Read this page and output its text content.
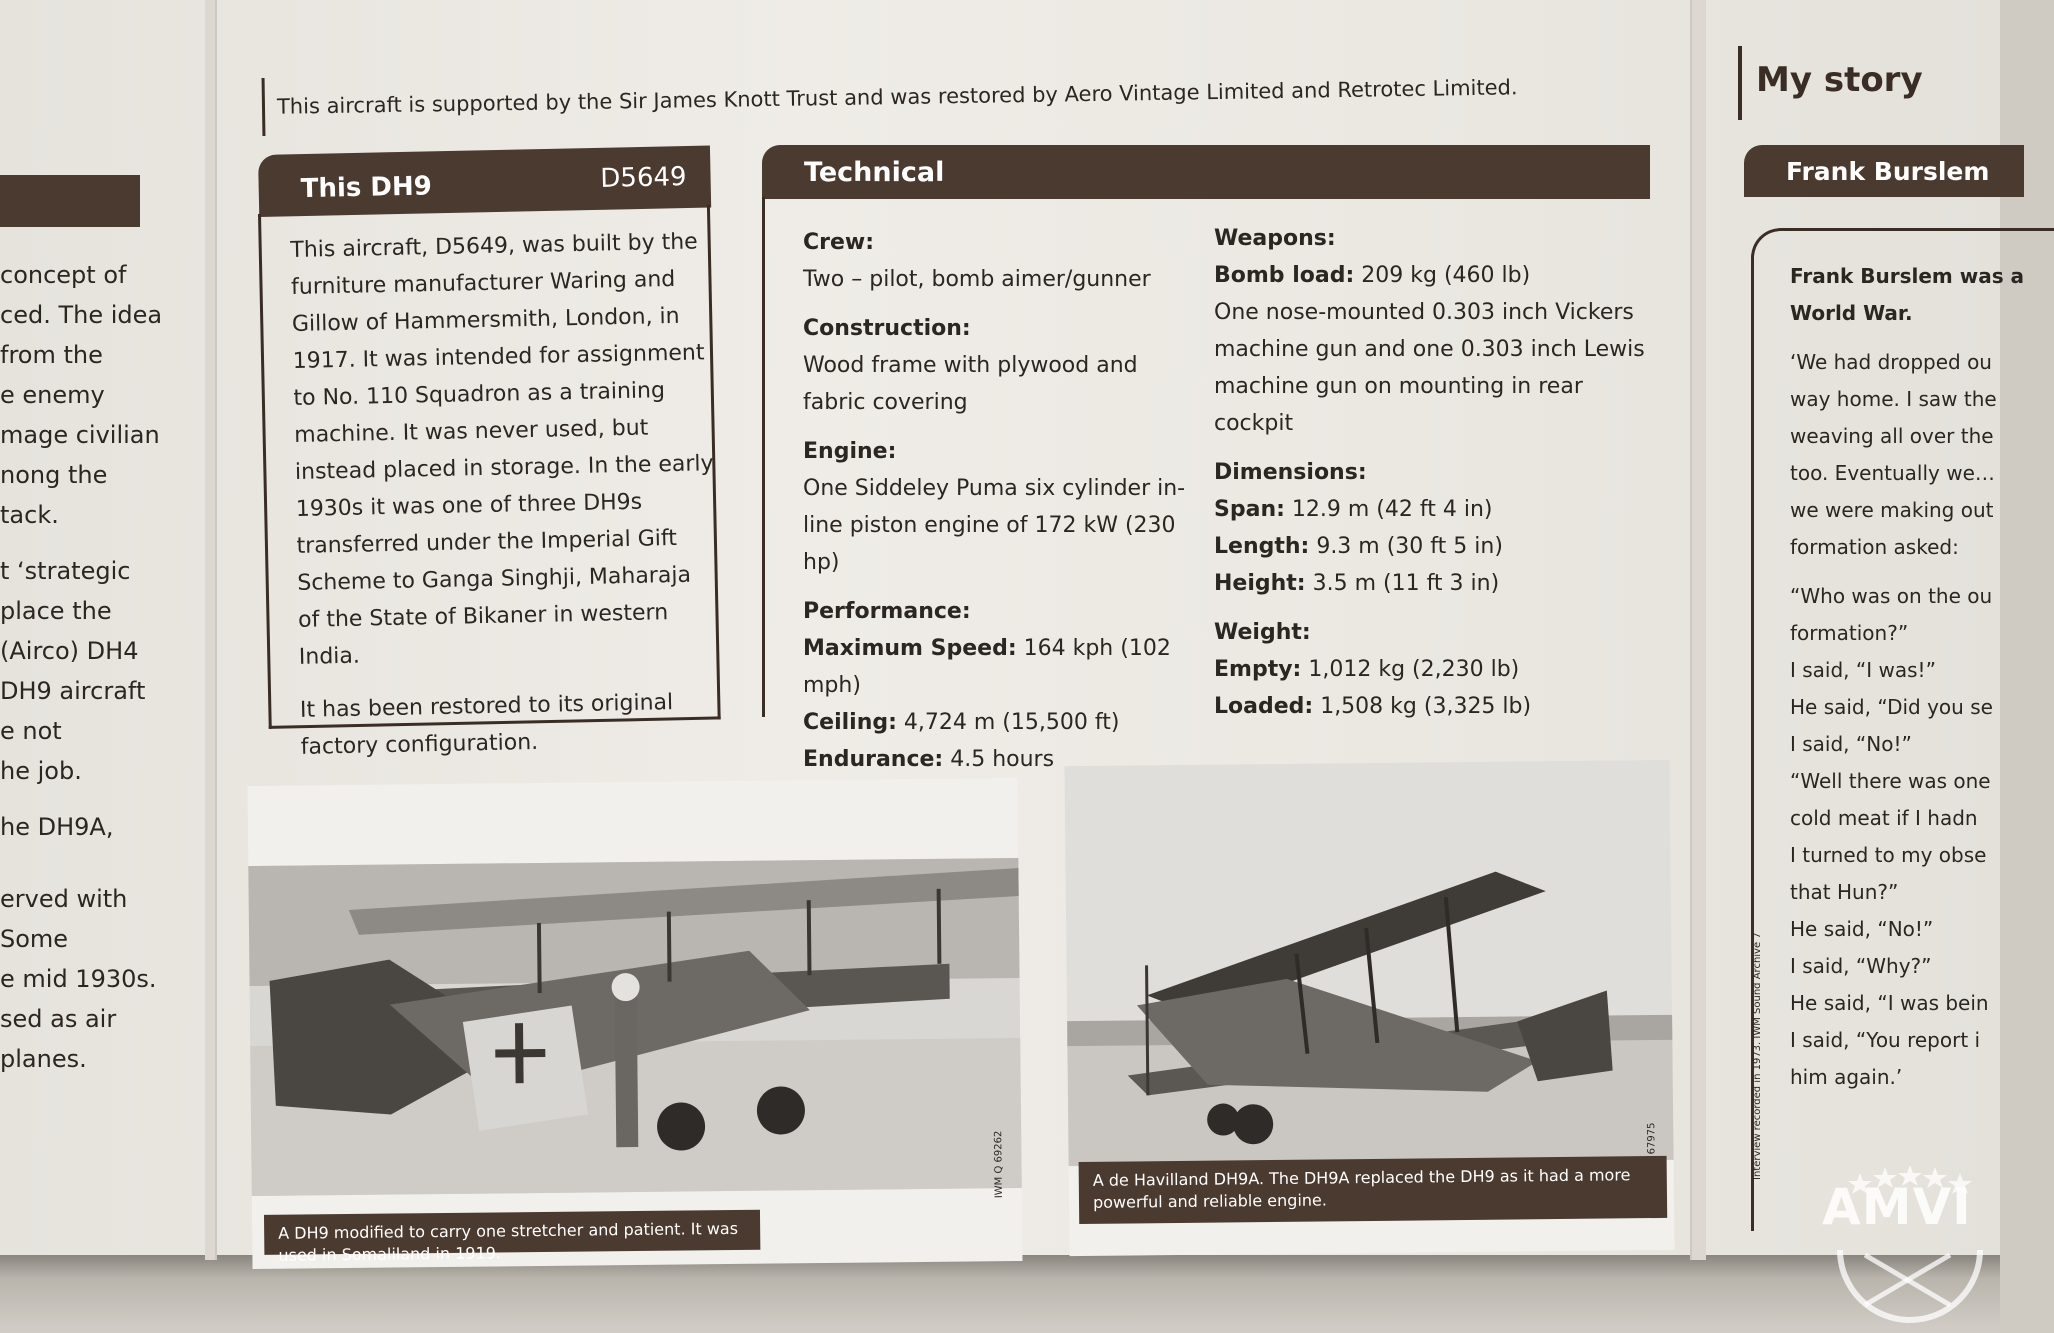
concept of
ced. The idea
from the
e enemy
mage civilian
nong the
tack.
t ‘strategic
place the
(Airco) DH4
DH9 aircraft
e not
he job.
he DH9A,
erved with
Some
e mid 1930s.
sed as air
planes.
This aircraft is supported by the Sir James Knott Trust and was restored by Aero Vintage Limited and Retrotec Limited.
This DH9	D5649

This aircraft, D5649, was built by the furniture manufacturer Waring and Gillow of Hammersmith, London, in 1917. It was intended for assignment to No. 110 Squadron as a training machine. It was never used, but instead placed in storage. In the early 1930s it was one of three DH9s transferred under the Imperial Gift Scheme to Ganga Singhji, Maharaja of the State of Bikaner in western India.

It has been restored to its original factory configuration.

Technical
Crew:
Two – pilot, bomb aimer/gunner
Construction:
Wood frame with plywood and fabric covering
Engine:
One Siddeley Puma six cylinder in-line piston engine of 172 kW (230 hp)
Performance:
Maximum Speed: 164 kph (102 mph)
Ceiling: 4,724 m (15,500 ft)
Endurance: 4.5 hours
Weapons:
Bomb load: 209 kg (460 lb)
One nose-mounted 0.303 inch Vickers machine gun and one 0.303 inch Lewis machine gun on mounting in rear cockpit
Dimensions:
Span: 12.9 m (42 ft 4 in)
Length: 9.3 m (30 ft 5 in)
Height: 3.5 m (11 ft 3 in)
Weight:
Empty: 1,012 kg (2,230 lb)
Loaded: 1,508 kg (3,325 lb)
IWM Q 69262
A DH9 modified to carry one stretcher and patient. It was used in Somaliland in 1919.
A de Havilland DH9A. The DH9A replaced the DH9 as it had a more powerful and reliable engine.
My story
Frank Burslem
Frank Burslem was a
World War.
‘We had dropped ou
way home. I saw the
weaving all over the
too. Eventually we…
we were making out
formation asked:
“Who was on the ou
formation?”
I said, “I was!”
He said, “Did you se
I said, “No!”
“Well there was one
cold meat if I hadn
I turned to my obse
that Hun?”
He said, “No!”
I said, “Why?”
He said, “I was bein
I said, “You report i
him again.’
Interview recorded in 1973. IWM Sound Archive 7
AMVI
